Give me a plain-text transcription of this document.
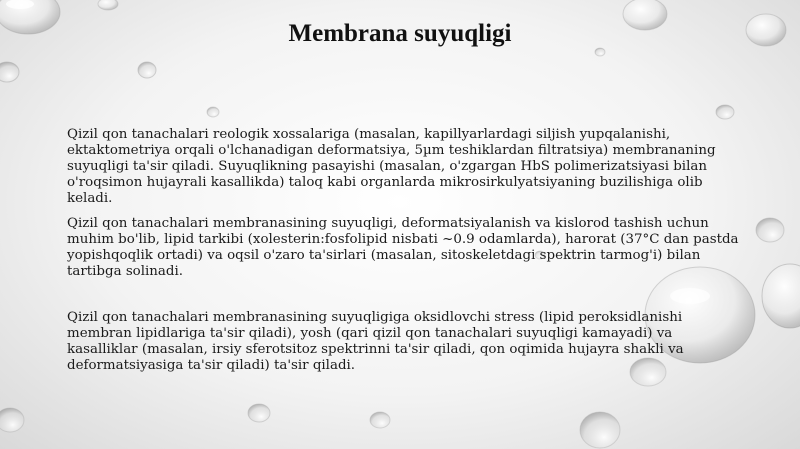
Membrana suyuqligi

Qizil qon tanachalari reologik xossalariga (masalan, kapillyarlardagi siljish yupqalanishi, ektaktometriya orqali o'lchanadigan deformatsiya, 5µm teshiklardan filtratsiya) membrananing suyuqligi ta'sir qiladi. Suyuqlikning pasayishi (masalan, o'zgargan HbS polimerizatsiyasi bilan o'roqsimon hujayrali kasallikda) taloq kabi organlarda mikrosirkulyatsiyaning buzilishiga olib keladi.

Qizil qon tanachalari membranasining suyuqligi, deformatsiyalanish va kislorod tashish uchun muhim bo'lib, lipid tarkibi (xolesterin:fosfolipid nisbati ~0.9 odamlarda), harorat (37°C dan pastda yopishqoqlik ortadi) va oqsil o'zaro ta'sirlari (masalan, sitoskeletdagi spektrin tarmog'i) bilan tartibga solinadi.

Qizil qon tanachalari membranasining suyuqligiga oksidlovchi stress (lipid peroksidlanishi membran lipidlariga ta'sir qiladi), yosh (qari qizil qon tanachalari suyuqligi kamayadi) va kasalliklar (masalan, irsiy sferotsitoz spektrinni ta'sir qiladi, qon oqimida hujayra shakli va deformatsiyasiga ta'sir qiladi) ta'sir qiladi.
